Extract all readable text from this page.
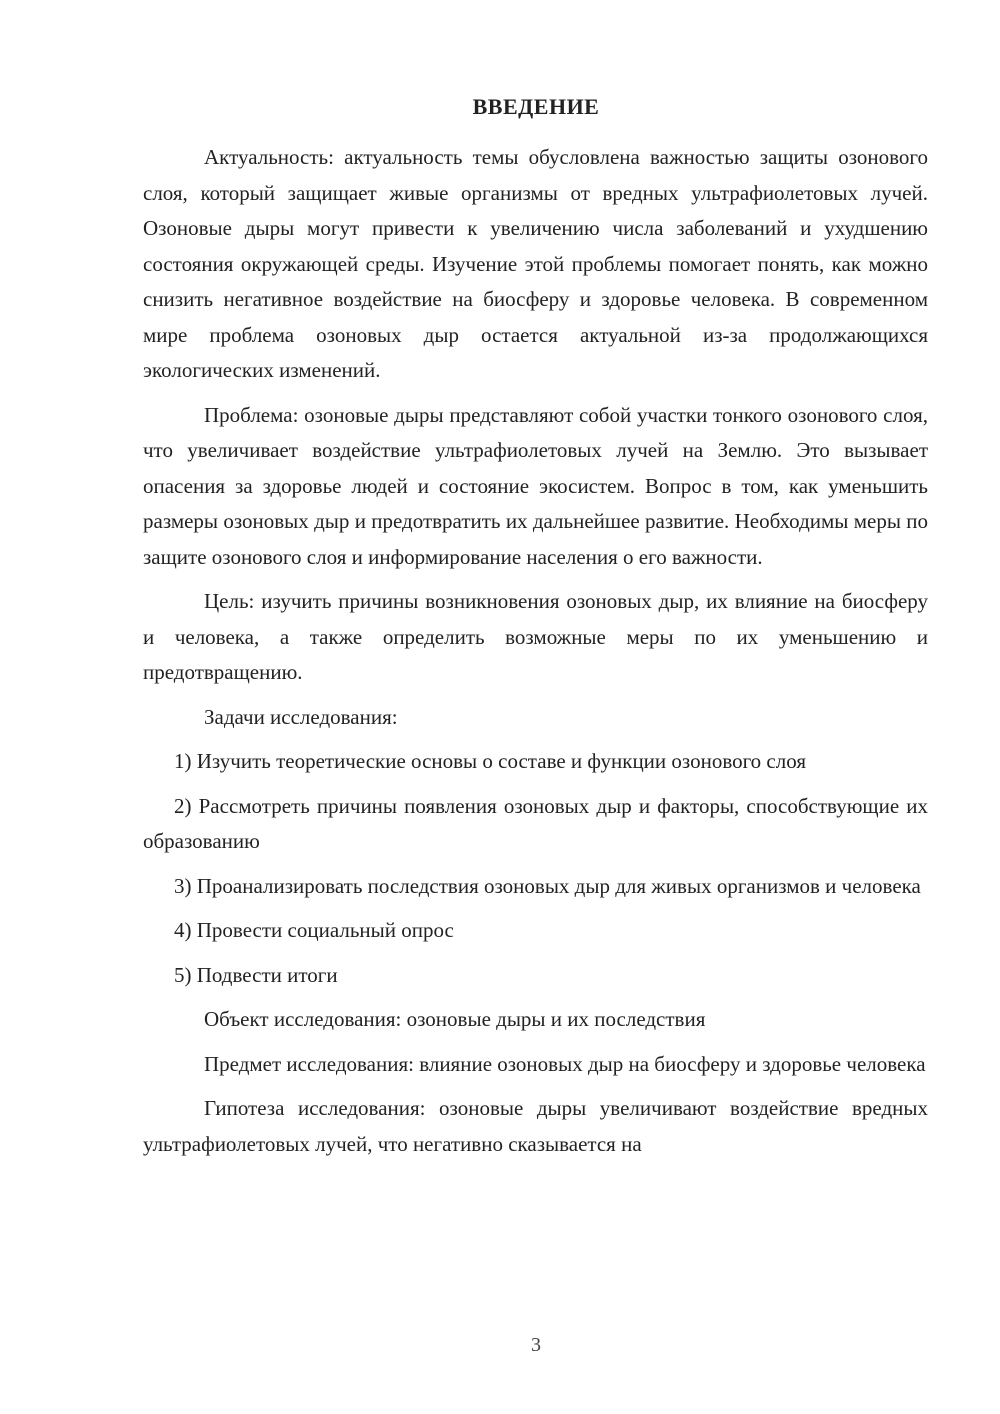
ВВЕДЕНИЕ

Актуальность: актуальность темы обусловлена важностью защиты озонового слоя, который защищает живые организмы от вредных ультрафиолетовых лучей. Озоновые дыры могут привести к увеличению числа заболеваний и ухудшению состояния окружающей среды. Изучение этой проблемы помогает понять, как можно снизить негативное воздействие на биосферу и здоровье человека. В современном мире проблема озоновых дыр остается актуальной из-за продолжающихся экологических изменений.

Проблема: озоновые дыры представляют собой участки тонкого озонового слоя, что увеличивает воздействие ультрафиолетовых лучей на Землю. Это вызывает опасения за здоровье людей и состояние экосистем. Вопрос в том, как уменьшить размеры озоновых дыр и предотвратить их дальнейшее развитие. Необходимы меры по защите озонового слоя и информирование населения о его важности.

Цель: изучить причины возникновения озоновых дыр, их влияние на биосферу и человека, а также определить возможные меры по их уменьшению и предотвращению.

Задачи исследования:

1) Изучить теоретические основы о составе и функции озонового слоя

2) Рассмотреть причины появления озоновых дыр и факторы, способствующие их образованию

3) Проанализировать последствия озоновых дыр для живых организмов и человека

4) Провести социальный опрос

5) Подвести итоги

Объект исследования: озоновые дыры и их последствия

Предмет исследования: влияние озоновых дыр на биосферу и здоровье человека

Гипотеза исследования: озоновые дыры увеличивают воздействие вредных ультрафиолетовых лучей, что негативно сказывается на

3
